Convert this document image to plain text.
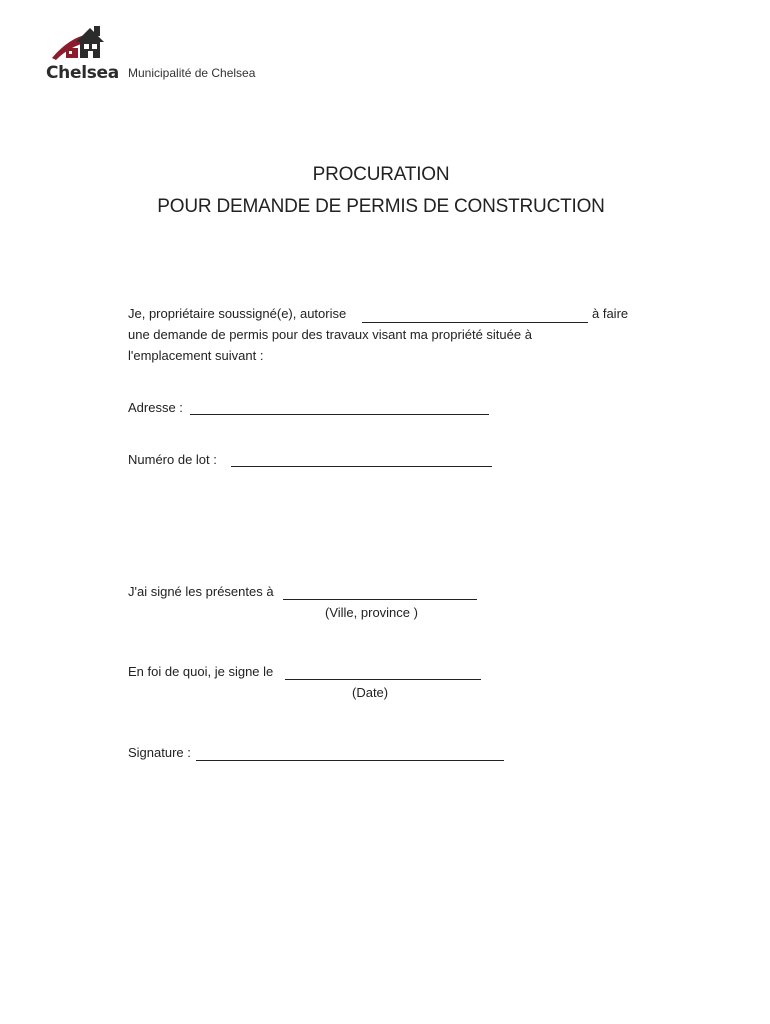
Chelsea Municipalité de Chelsea
PROCURATION
POUR DEMANDE DE PERMIS DE CONSTRUCTION
Je, propriétaire soussigné(e), autorise	à faire
une demande de permis pour des travaux visant ma propriété située à
l'emplacement suivant :
Adresse :
Numéro de lot :
J'ai signé les présentes à
(Ville, province )
En foi de quoi, je signe le
(Date)
Signature :
